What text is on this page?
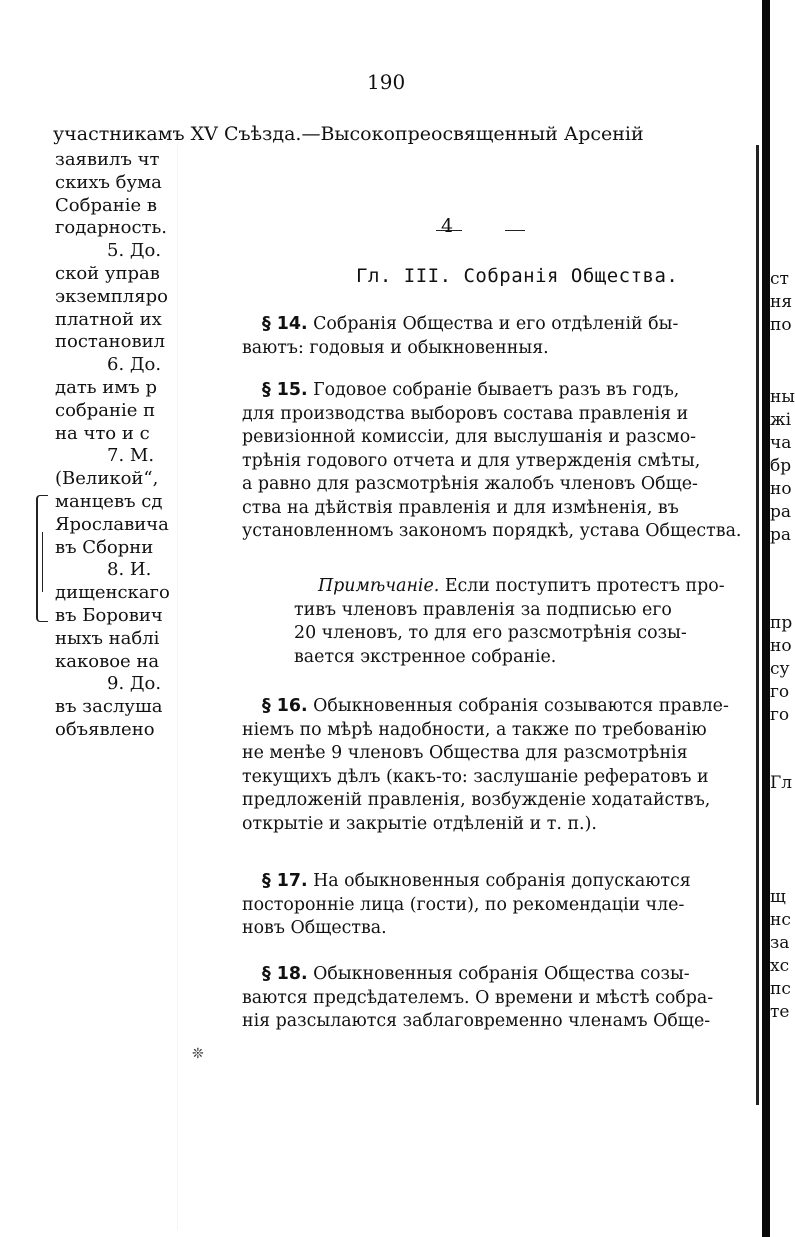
190
участникамъ XV Съѣзда.—Высокопреосвященный Арсеній
заявилъ чт
скихъ бума
Собраніе в
годарность.
5. До.
ской управ
экземпляро
платной их
постановил
6. До.
дать имъ р
собраніе п
на что и с
7. М.
(Великой“,
манцевъ сд
Ярославича
въ Сборни
8. И.
дищенскаго
въ Борович
ныхъ наблі
каковое на
9. До.
въ заслуша
объявлено
4
Гл. III. Собранія Общества.
§ 14. Собранія Общества и его отдѣленій бы-
ваютъ: годовыя и обыкновенныя.
§ 15. Годовое собраніе бываетъ разъ въ годъ,
для производства выборовъ состава правленія и
ревизіонной комиссіи, для выслушанія и разсмо-
трѣнія годового отчета и для утвержденія смѣты,
а равно для разсмотрѣнія жалобъ членовъ Обще-
ства на дѣйствія правленія и для измѣненія, въ
установленномъ закономъ порядкѣ, устава Общества.
Примѣчаніе. Если поступитъ протестъ про-
тивъ членовъ правленія за подписью его
20 членовъ, то для его разсмотрѣнія созы-
вается экстренное собраніе.
§ 16. Обыкновенныя собранія созываются правле-
ніемъ по мѣрѣ надобности, а также по требованію
не менѣе 9 членовъ Общества для разсмотрѣнія
текущихъ дѣлъ (какъ-то: заслушаніе рефератовъ и
предложеній правленія, возбужденіе ходатайствъ,
открытіе и закрытіе отдѣленій и т. п.).
§ 17. На обыкновенныя собранія допускаются
посторонніе лица (гости), по рекомендаціи чле-
новъ Общества.
§ 18. Обыкновенныя собранія Общества созы-
ваются предсѣдателемъ. О времени и мѣстѣ собра-
нія разсылаются заблаговременно членамъ Обще-
❊
ст
ня
по
ны
жі
ча
бр
но
ра
ра
пр
но
су
го
го
Гл
щ
нс
за
хс
пс
те
